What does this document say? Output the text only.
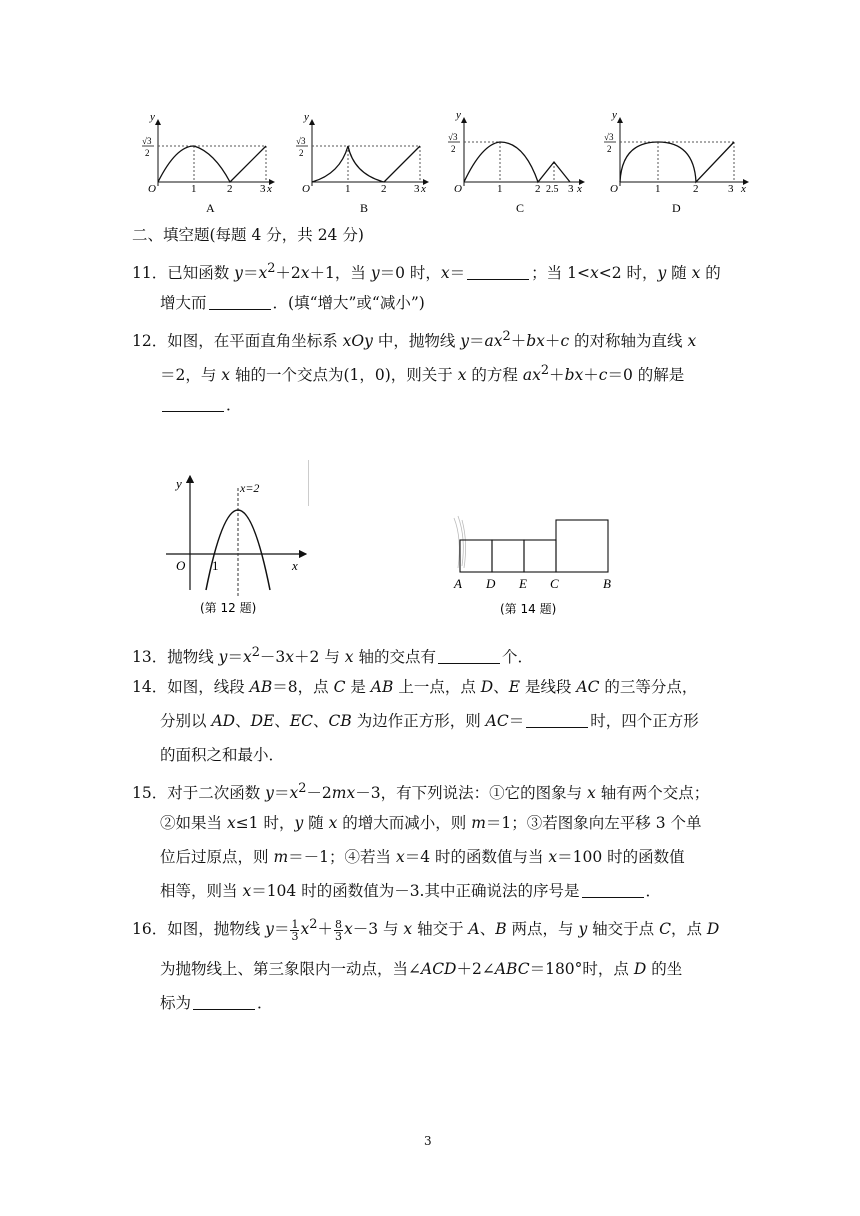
y
x
O
√3
2
1	2	3
A
y
x
O
√3
2
1	2	3
B
y
x
O
√3
2
1	2 2.5 3
C
y
x
O
√3
2
1	2	3
D
二、填空题(每题 4 分，共 24 分)
11．已知函数 $y=x^2+2x+1$，当 y＝0 时，x＝	；当 1<x<2 时，y 随 x 的
增大而	．(填“增大”或“减小”)
12．如图，在平面直角坐标系 xOy 中，抛物线 $y=ax^2+bx+c$ 的对称轴为直线 x
＝2，与 x 轴的一个交点为(1，0)，则关于 x 的方程 $ax^2+bx+c=0$ 的解是
．
y
x
O 1
x=2
(第 12 题)
A D E C	B
(第 14 题)
13．抛物线 $y=x^2-3x+2$ 与 x 轴的交点有	个．
14．如图，线段 AB＝8，点 C 是 AB 上一点，点 D、E 是线段 AC 的三等分点，
分别以 AD、DE、EC、CB 为边作正方形，则 AC＝	时，四个正方形
的面积之和最小．
15．对于二次函数 $y=x^2-2mx-3$，有下列说法：①它的图象与 x 轴有两个交点；
②如果当 x≤1 时，y 随 x 的增大而减小，则 m＝1；③若图象向左平移 3 个单
位后过原点，则 m＝－1；④若当 x＝4 时的函数值与当 x＝100 时的函数值
相等，则当 x＝104 时的函数值为－3.其中正确说法的序号是	．
16．如图，抛物线 $y= \frac{1}{3} x^2+ \frac{8}{3} x-3$ 与 x 轴交于 A、B 两点，与 y 轴交于点 C，点 D
为抛物线上、第三象限内一动点，当∠ACD＋2∠ABC＝180°时，点 D 的坐
标为	．
3
